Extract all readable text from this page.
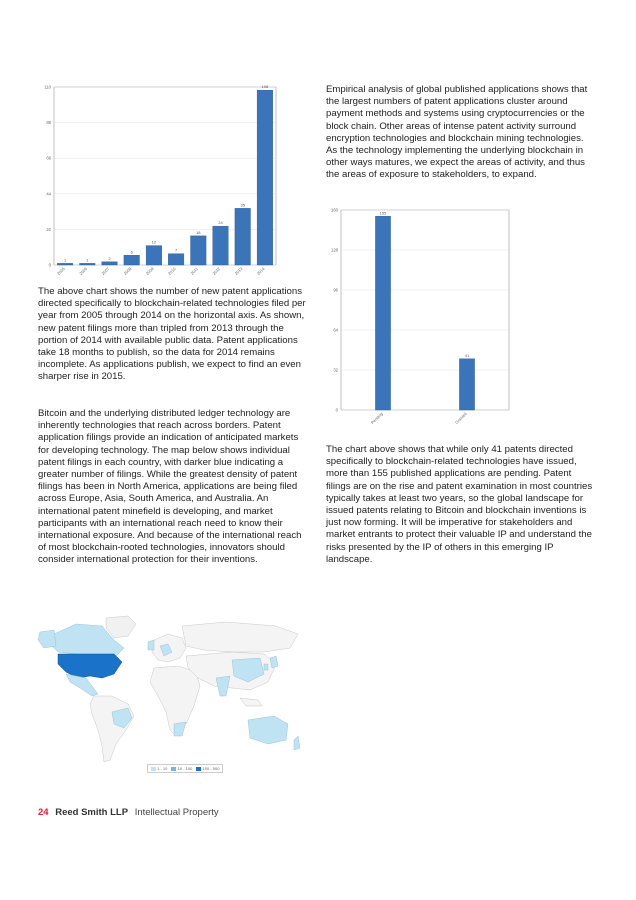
0
22
44
66
88
110
1
2005
1
2006
2
2007
6
2008
12
2009
7
2010
18
2011
24
2012
35
2013
108
2014

Empirical analysis of global published applications shows that the largest numbers of patent applications cluster around payment methods and systems using cryptocurrencies or the block chain. Other areas of intense patent activity surround encryption technologies and blockchain mining technologies. As the technology implementing the underlying blockchain in other ways matures, we expect the areas of activity, and thus the areas of exposure to stakeholders, to expand.

0
32
64
96
128
160
155
Pending
41
Granted

The above chart shows the number of new patent applications directed specifically to blockchain-related technologies filed per year from 2005 through 2014 on the horizontal axis. As shown, new patent filings more than tripled from 2013 through the portion of 2014 with available public data. Patent applications take 18 months to publish, so the data for 2014 remains incomplete. As applications publish, we expect to find an even sharper rise in 2015.

Bitcoin and the underlying distributed ledger technology are inherently technologies that reach across borders. Patent application filings provide an indication of anticipated markets for developing technology. The map below shows individual patent filings in each country, with darker blue indicating a greater number of filings. While the greatest density of patent filings has been in North America, applications are being filed across Europe, Asia, South America, and Australia. An international patent minefield is developing, and market participants with an international reach need to know their international exposure. And because of the international reach of most blockchain-rooted technologies, innovators should consider international protection for their inventions.

The chart above shows that while only 41 patents directed specifically to blockchain-related technologies have issued, more than 155 published applications are pending. Patent filings are on the rise and patent examination in most countries typically takes at least two years, so the global landscape for issued patents relating to Bitcoin and blockchain inventions is just now forming. It will be imperative for stakeholders and market entrants to protect their valuable IP and understand the risks presented by the IP of others in this emerging IP landscape.

1 - 10	10 - 100	100 - 500
24 Reed Smith LLP Intellectual Property
